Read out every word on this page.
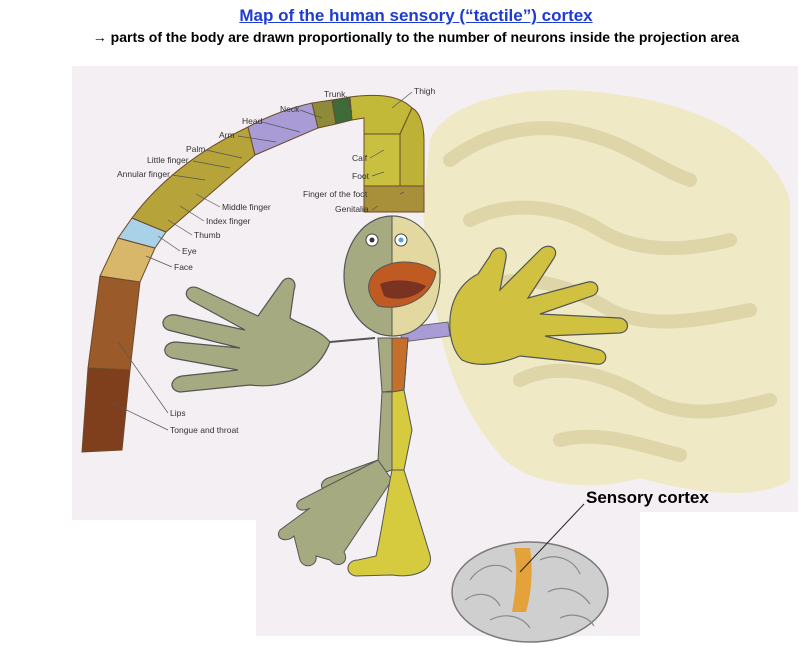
Map of the human sensory (“tactile”) cortex
→ parts of the body are drawn proportionally to the number of neurons inside the projection area
Trunk	Thigh
Neck
Head
Arm
Palm
Little finger
Annular finger
Calf
Foot
Finger of the foot
Genitalia
Middle finger
Index finger
Thumb
Eye
Face
Lips
Tongue and throat
Sensory cortex
